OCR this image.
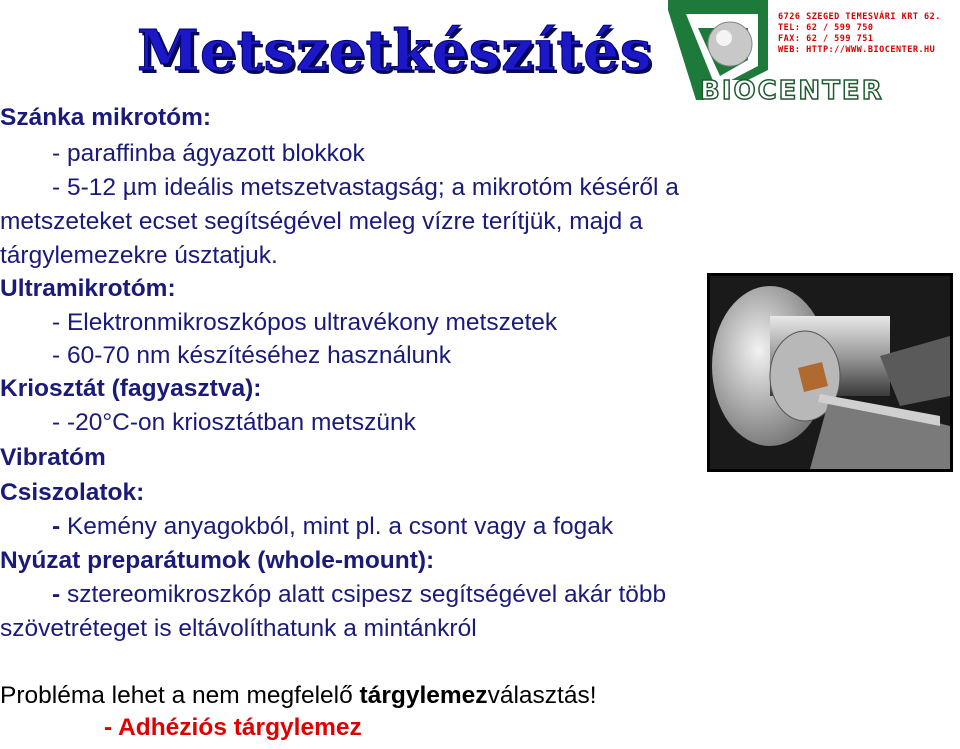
Metszetkészítés
BIOCENTER
6726 SZEGED TEMESVÁRI KRT 62.
TEL: 62 / 599 750
FAX: 62 / 599 751
WEB: HTTP://WWW.BIOCENTER.HU
Szánka mikrotóm:
- paraffinba ágyazott blokkok
- 5-12 µm ideális metszetvastagság; a mikrotóm késéről a
metszeteket ecset segítségével meleg vízre terítjük, majd a
tárgylemezekre úsztatjuk.
Ultramikrotóm:
- Elektronmikroszkópos ultravékony metszetek
- 60-70 nm készítéséhez használunk
Kriosztát (fagyasztva):
- -20°C-on kriosztátban metszünk
Vibratóm
Csiszolatok:
- Kemény anyagokból, mint pl. a csont vagy a fogak
Nyúzat preparátumok (whole-mount):
- sztereomikroszkóp alatt csipesz segítségével akár több
szövetréteget is eltávolíthatunk a mintánkról
Probléma lehet a nem megfelelő tárgylemezválasztás!
- Adhéziós tárgylemez
